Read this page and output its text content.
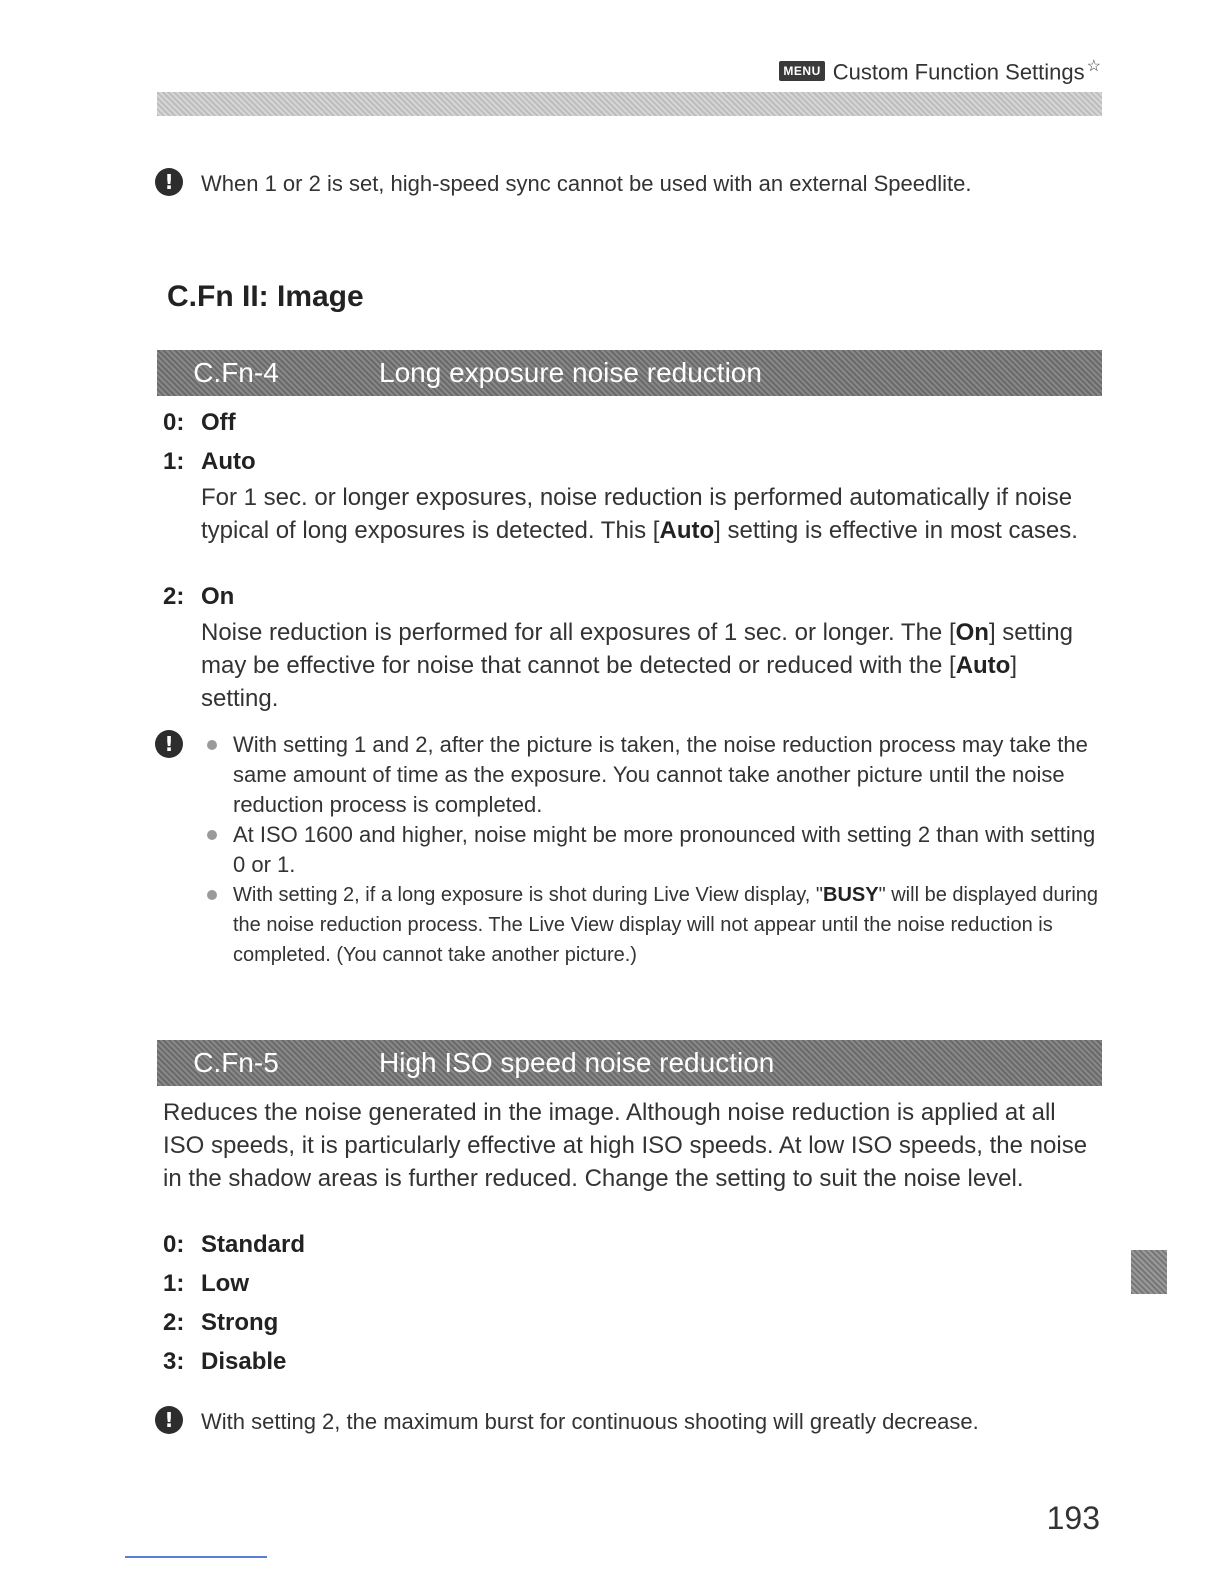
MENU Custom Function Settings ☆
!	When 1 or 2 is set, high-speed sync cannot be used with an external Speedlite.
C.Fn II: Image
C.Fn-4	Long exposure noise reduction
0: Off
1: Auto
For 1 sec. or longer exposures, noise reduction is performed automatically if noise typical of long exposures is detected. This [Auto] setting is effective in most cases.
2: On
Noise reduction is performed for all exposures of 1 sec. or longer. The [On] setting may be effective for noise that cannot be detected or reduced with the [Auto] setting.
!	With setting 1 and 2, after the picture is taken, the noise reduction process may take the same amount of time as the exposure. You cannot take another picture until the noise reduction process is completed.
At ISO 1600 and higher, noise might be more pronounced with setting 2 than with setting 0 or 1.
With setting 2, if a long exposure is shot during Live View display, "BUSY" will be displayed during the noise reduction process. The Live View display will not appear until the noise reduction is completed. (You cannot take another picture.)
C.Fn-5	High ISO speed noise reduction
Reduces the noise generated in the image. Although noise reduction is applied at all ISO speeds, it is particularly effective at high ISO speeds. At low ISO speeds, the noise in the shadow areas is further reduced. Change the setting to suit the noise level.
0: Standard
1: Low
2: Strong
3: Disable
!	With setting 2, the maximum burst for continuous shooting will greatly decrease.
193
